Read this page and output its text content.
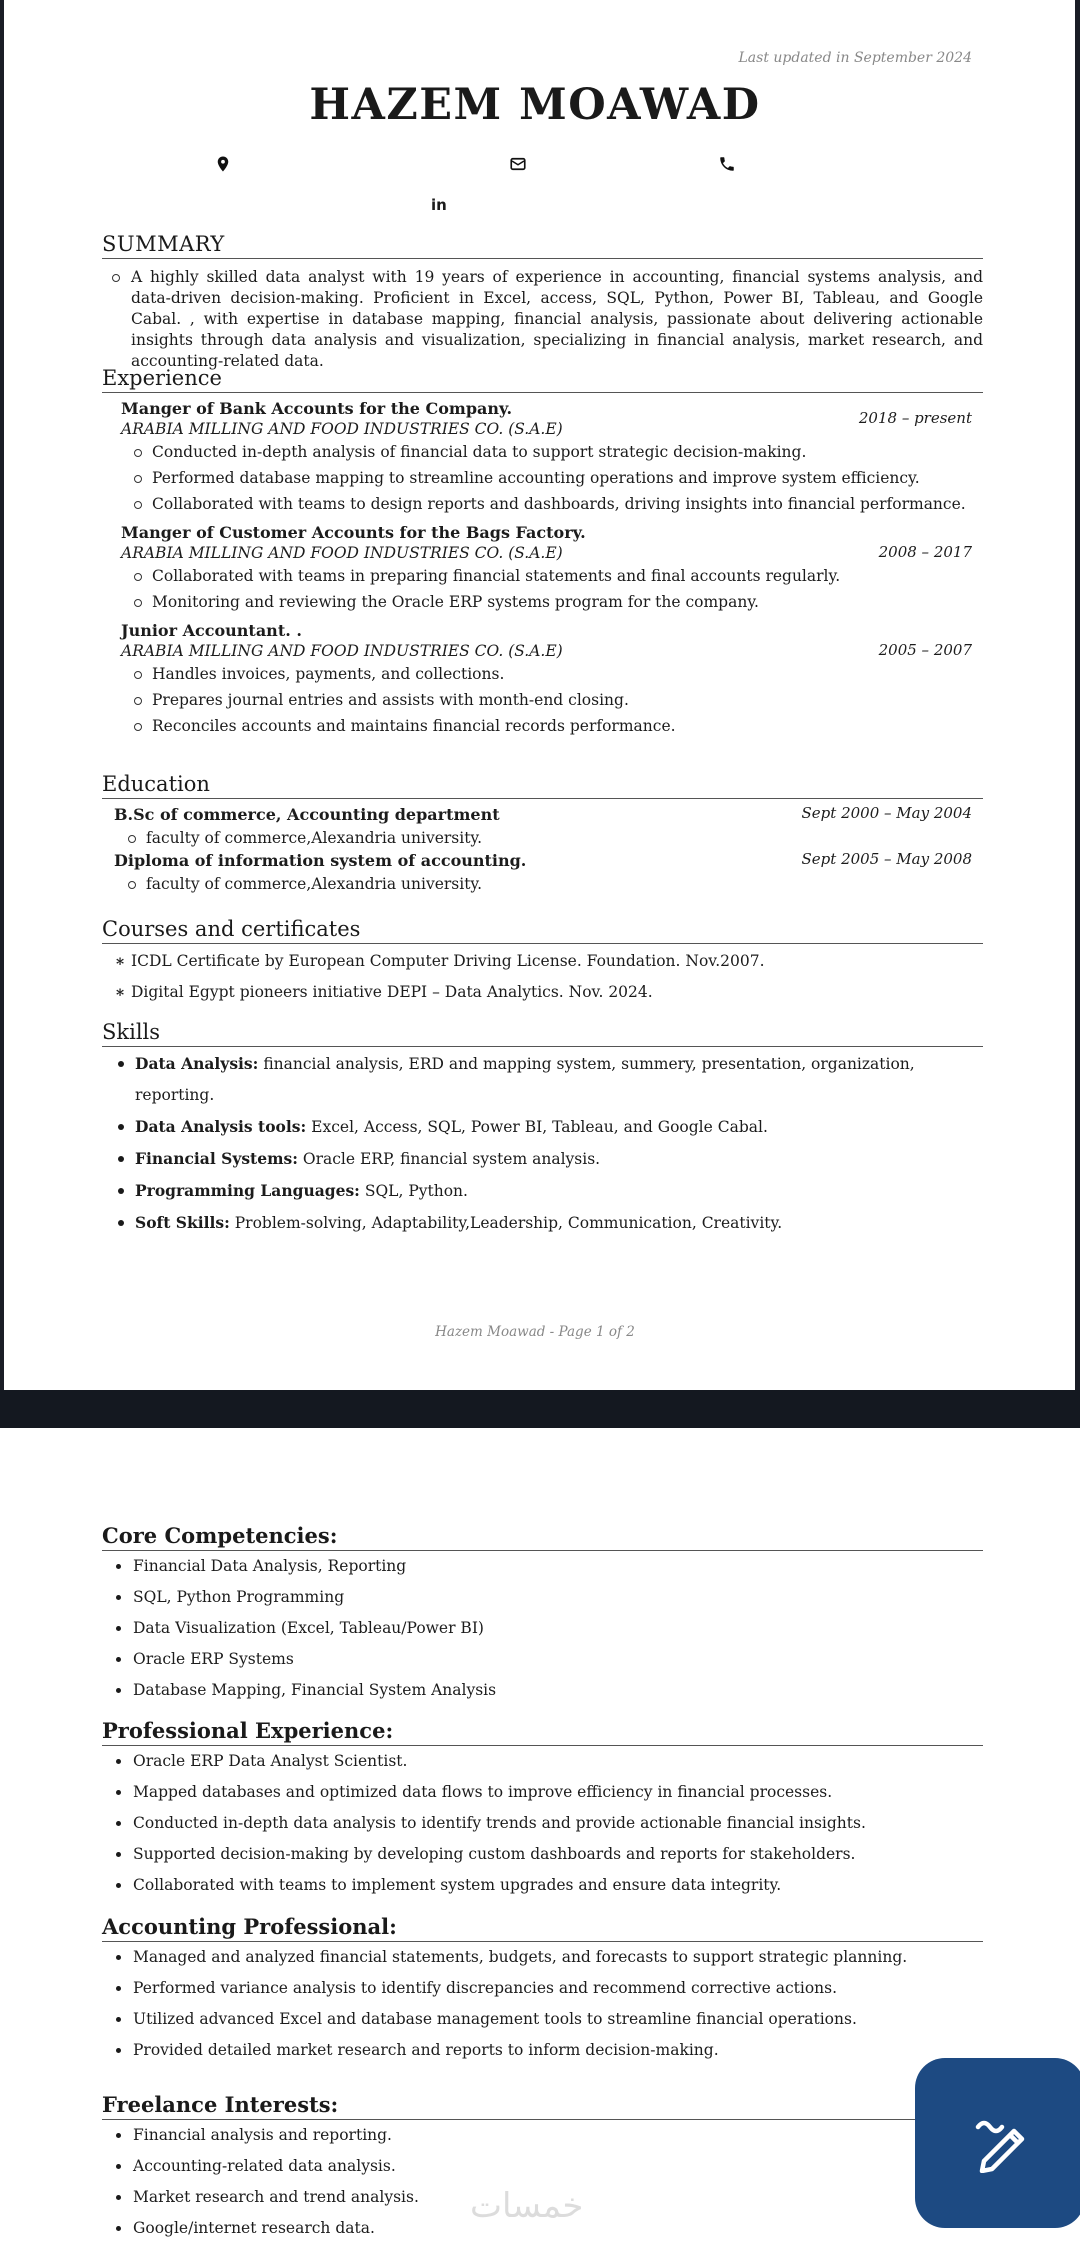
Last updated in September 2024
HAZEM MOAWAD
in
SUMMARY
A highly skilled data analyst with 19 years of experience in accounting, financial systems analysis, and data-driven decision-making. Proficient in Excel, access, SQL, Python, Power BI, Tableau, and Google Cabal. , with expertise in database mapping, financial analysis, passionate about delivering actionable insights through data analysis and visualization, specializing in financial analysis, market research, and accounting-related data.
Experience
Manger of Bank Accounts for the Company.
ARABIA MILLING AND FOOD INDUSTRIES CO. (S.A.E)
2018 – present
Conducted in-depth analysis of financial data to support strategic decision-making.
Performed database mapping to streamline accounting operations and improve system efficiency.
Collaborated with teams to design reports and dashboards, driving insights into financial performance.
Manger of Customer Accounts for the Bags Factory.
ARABIA MILLING AND FOOD INDUSTRIES CO. (S.A.E)	2008 – 2017
Collaborated with teams in preparing financial statements and final accounts regularly.
Monitoring and reviewing the Oracle ERP systems program for the company.
Junior Accountant. .
ARABIA MILLING AND FOOD INDUSTRIES CO. (S.A.E)	2005 – 2007
Handles invoices, payments, and collections.
Prepares journal entries and assists with month-end closing.
Reconciles accounts and maintains financial records performance.
Education
B.Sc of commerce, Accounting department	Sept 2000 – May 2004
faculty of commerce,Alexandria university.
Diploma of information system of accounting.	Sept 2005 – May 2008
faculty of commerce,Alexandria university.
Courses and certificates
* ICDL Certificate by European Computer Driving License. Foundation. Nov.2007.
* Digital Egypt pioneers initiative DEPI – Data Analytics. Nov. 2024.
Skills
Data Analysis: financial analysis, ERD and mapping system, summery, presentation, organization, reporting.
Data Analysis tools: Excel, Access, SQL, Power BI, Tableau, and Google Cabal.
Financial Systems: Oracle ERP, financial system analysis.
Programming Languages: SQL, Python.
Soft Skills: Problem-solving, Adaptability,Leadership, Communication, Creativity.
Hazem Moawad - Page 1 of 2
Core Competencies:
Financial Data Analysis, Reporting
SQL, Python Programming
Data Visualization (Excel, Tableau/Power BI)
Oracle ERP Systems
Database Mapping, Financial System Analysis
Professional Experience:
Oracle ERP Data Analyst Scientist.
Mapped databases and optimized data flows to improve efficiency in financial processes.
Conducted in-depth data analysis to identify trends and provide actionable financial insights.
Supported decision-making by developing custom dashboards and reports for stakeholders.
Collaborated with teams to implement system upgrades and ensure data integrity.
Accounting Professional:
Managed and analyzed financial statements, budgets, and forecasts to support strategic planning.
Performed variance analysis to identify discrepancies and recommend corrective actions.
Utilized advanced Excel and database management tools to streamline financial operations.
Provided detailed market research and reports to inform decision-making.
Freelance Interests:
Financial analysis and reporting.
Accounting-related data analysis.
Market research and trend analysis.
Google/internet research data.
خمسات
